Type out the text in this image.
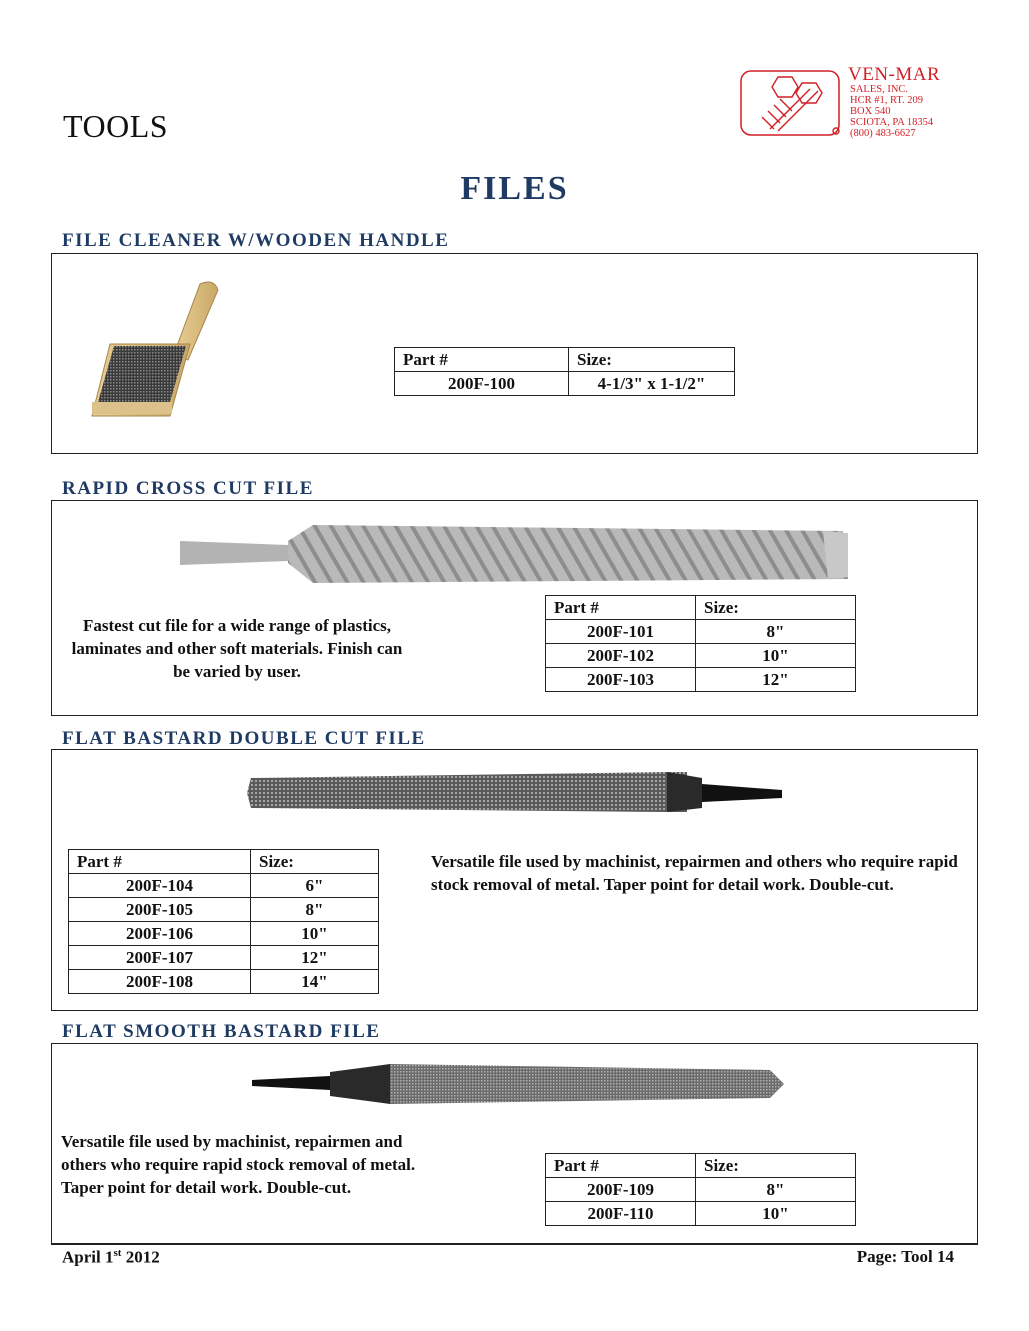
TOOLS
FILES
VEN-MAR
SALES, INC.
HCR #1, RT. 209
BOX 540
SCIOTA, PA 18354
(800) 483-6627
FILE CLEANER W/WOODEN HANDLE
Part #	Size:
200F-100	4-1/3" x 1-1/2"
RAPID CROSS CUT FILE
Fastest cut file for a wide range of plastics, laminates and other soft materials. Finish can be varied by user.
Part #	Size:
200F-101	8"
200F-102	10"
200F-103	12"
FLAT BASTARD DOUBLE CUT FILE
Part #	Size:
200F-104	6"
200F-105	8"
200F-106	10"
200F-107	12"
200F-108	14"
Versatile file used by machinist, repairmen and others who require rapid stock removal of metal. Taper point for detail work. Double-cut.
FLAT SMOOTH BASTARD FILE
Versatile file used by machinist, repairmen and others who require rapid stock removal of metal. Taper point for detail work. Double-cut.
Part #	Size:
200F-109	8"
200F-110	10"
April 1st 2012	Page: Tool 14
